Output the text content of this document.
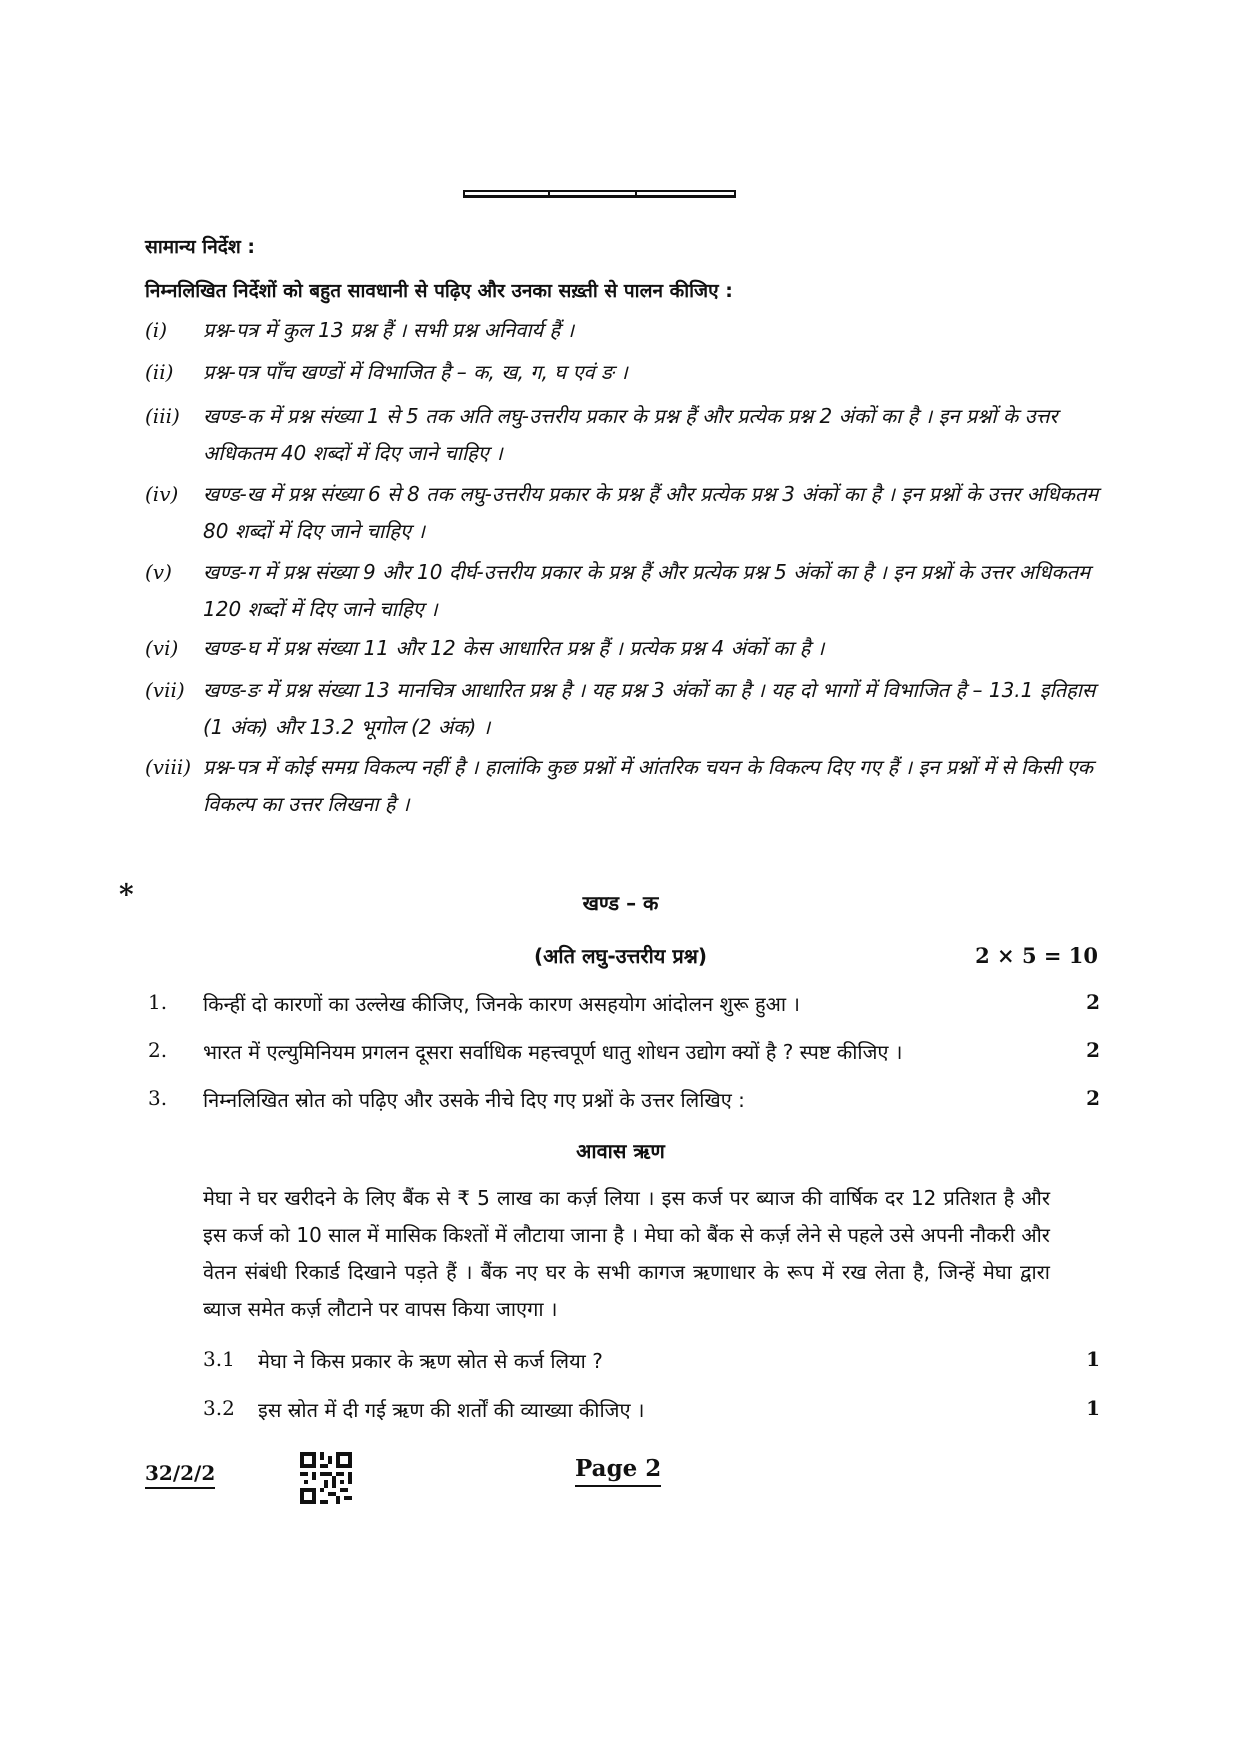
सामान्य निर्देश :
निम्नलिखित निर्देशों को बहुत सावधानी से पढ़िए और उनका सख़्ती से पालन कीजिए :
(i) प्रश्न-पत्र में कुल 13 प्रश्न हैं । सभी प्रश्न अनिवार्य हैं ।
(ii) प्रश्न-पत्र पाँच खण्डों में विभाजित है – क, ख, ग, घ एवं ङ ।
(iii) खण्ड-क में प्रश्न संख्या 1 से 5 तक अति लघु-उत्तरीय प्रकार के प्रश्न हैं और प्रत्येक प्रश्न 2 अंकों का है । इन प्रश्नों के उत्तर अधिकतम 40 शब्दों में दिए जाने चाहिए ।
(iv) खण्ड-ख में प्रश्न संख्या 6 से 8 तक लघु-उत्तरीय प्रकार के प्रश्न हैं और प्रत्येक प्रश्न 3 अंकों का है । इन प्रश्नों के उत्तर अधिकतम 80 शब्दों में दिए जाने चाहिए ।
(v) खण्ड-ग में प्रश्न संख्या 9 और 10 दीर्घ-उत्तरीय प्रकार के प्रश्न हैं और प्रत्येक प्रश्न 5 अंकों का है । इन प्रश्नों के उत्तर अधिकतम 120 शब्दों में दिए जाने चाहिए ।
(vi) खण्ड-घ में प्रश्न संख्या 11 और 12 केस आधारित प्रश्न हैं । प्रत्येक प्रश्न 4 अंकों का है ।
(vii) खण्ड-ङ में प्रश्न संख्या 13 मानचित्र आधारित प्रश्न है । यह प्रश्न 3 अंकों का है । यह दो भागों में विभाजित है – 13.1 इतिहास (1 अंक) और 13.2 भूगोल (2 अंक) ।
(viii) प्रश्न-पत्र में कोई समग्र विकल्प नहीं है । हालांकि कुछ प्रश्नों में आंतरिक चयन के विकल्प दिए गए हैं । इन प्रश्नों में से किसी एक विकल्प का उत्तर लिखना है ।
*	खण्ड – क
(अति लघु-उत्तरीय प्रश्न)	2 × 5 = 10
1. किन्हीं दो कारणों का उल्लेख कीजिए, जिनके कारण असहयोग आंदोलन शुरू हुआ ।	2
2. भारत में एल्युमिनियम प्रगलन दूसरा सर्वाधिक महत्त्वपूर्ण धातु शोधन उद्योग क्यों है ? स्पष्ट कीजिए ।	2
3. निम्नलिखित स्रोत को पढ़िए और उसके नीचे दिए गए प्रश्नों के उत्तर लिखिए :	2
आवास ऋण
मेघा ने घर खरीदने के लिए बैंक से ₹ 5 लाख का कर्ज़ लिया । इस कर्ज पर ब्याज की वार्षिक दर 12 प्रतिशत है और इस कर्ज को 10 साल में मासिक किश्तों में लौटाया जाना है । मेघा को बैंक से कर्ज़ लेने से पहले उसे अपनी नौकरी और वेतन संबंधी रिकार्ड दिखाने पड़ते हैं । बैंक नए घर के सभी कागज ऋणाधार के रूप में रख लेता है, जिन्हें मेघा द्वारा ब्याज समेत कर्ज़ लौटाने पर वापस किया जाएगा ।
3.1 मेघा ने किस प्रकार के ऋण स्रोत से कर्ज लिया ?	1
3.2 इस स्रोत में दी गई ऋण की शर्तों की व्याख्या कीजिए ।	1
32/2/2	Page 2
